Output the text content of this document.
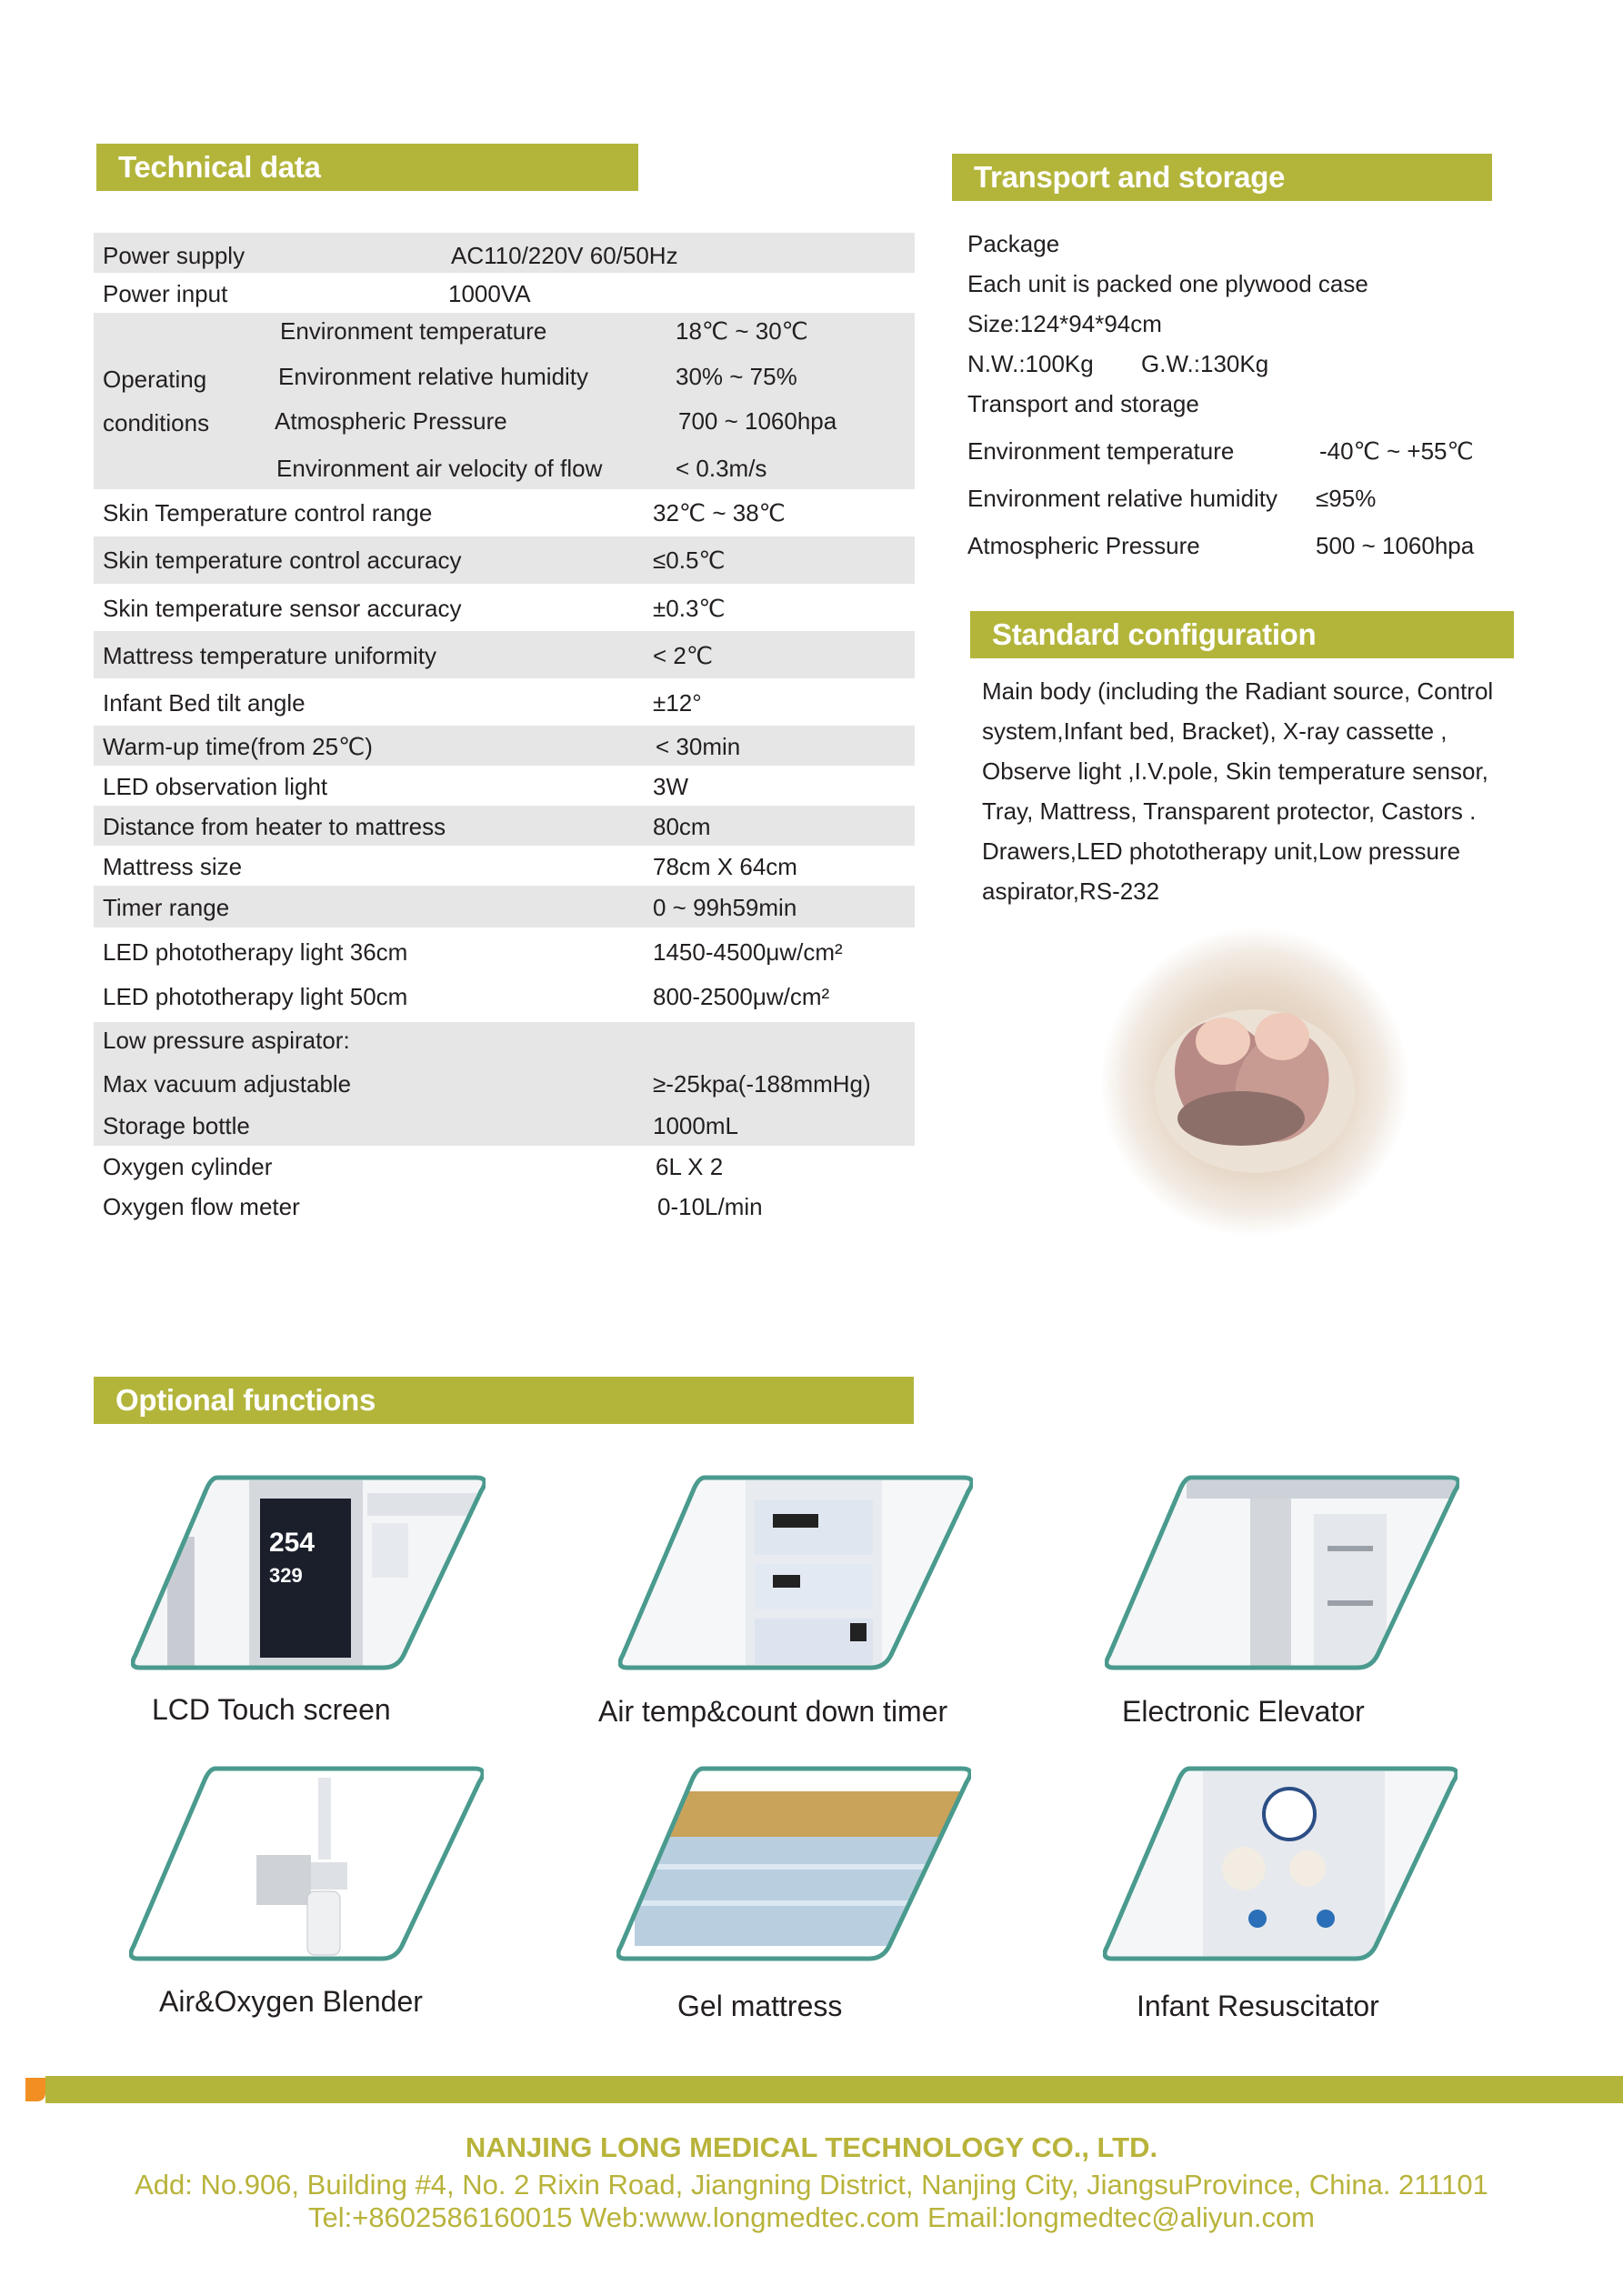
Technical data
Power supply	AC110/220V 60/50Hz
Power input	1000VA
Operating
conditions
Environment temperature	18℃ ~ 30℃
Environment relative humidity	30% ~ 75%
Atmospheric Pressure	700 ~ 1060hpa
Environment air velocity of flow	< 0.3m/s
Skin Temperature control range	32℃ ~ 38℃
Skin temperature control accuracy	≤0.5℃
Skin temperature sensor accuracy	±0.3℃
Mattress temperature uniformity	< 2℃
Infant Bed tilt angle	±12°
Warm-up time(from 25℃)	< 30min
LED observation light	3W
Distance from heater to mattress	80cm
Mattress size	78cm X 64cm
Timer range	0 ~ 99h59min
LED phototherapy light 36cm	1450-4500μw/cm²
LED phototherapy light 50cm	800-2500μw/cm²
Low pressure aspirator:
Max vacuum adjustable	≥-25kpa(-188mmHg)
Storage bottle	1000mL
Oxygen cylinder	6L X 2
Oxygen flow meter	0-10L/min
Transport and storage
Package
Each unit is packed one plywood case
Size:124*94*94cm
N.W.:100Kg G.W.:130Kg
Transport and storage
Environment temperature	-40℃ ~ +55℃
Environment relative humidity ≤95%
Atmospheric Pressure	500 ~ 1060hpa
Standard configuration
Main body (including the Radiant source, Control
system,Infant bed, Bracket), X-ray cassette ,
Observe light ,I.V.pole, Skin temperature sensor,
Tray, Mattress, Transparent protector, Castors .
Drawers,LED phototherapy unit,Low pressure
aspirator,RS-232
Optional functions
254
329
LCD Touch screen	Air temp&count down timer	Electronic Elevator
Air&Oxygen Blender	Gel mattress	Infant Resuscitator
NANJING LONG MEDICAL TECHNOLOGY CO., LTD.
Add: No.906, Building #4, No. 2 Rixin Road, Jiangning District, Nanjing City, JiangsuProvince, China. 211101
Tel:+8602586160015 Web:www.longmedtec.com Email:longmedtec@aliyun.com
